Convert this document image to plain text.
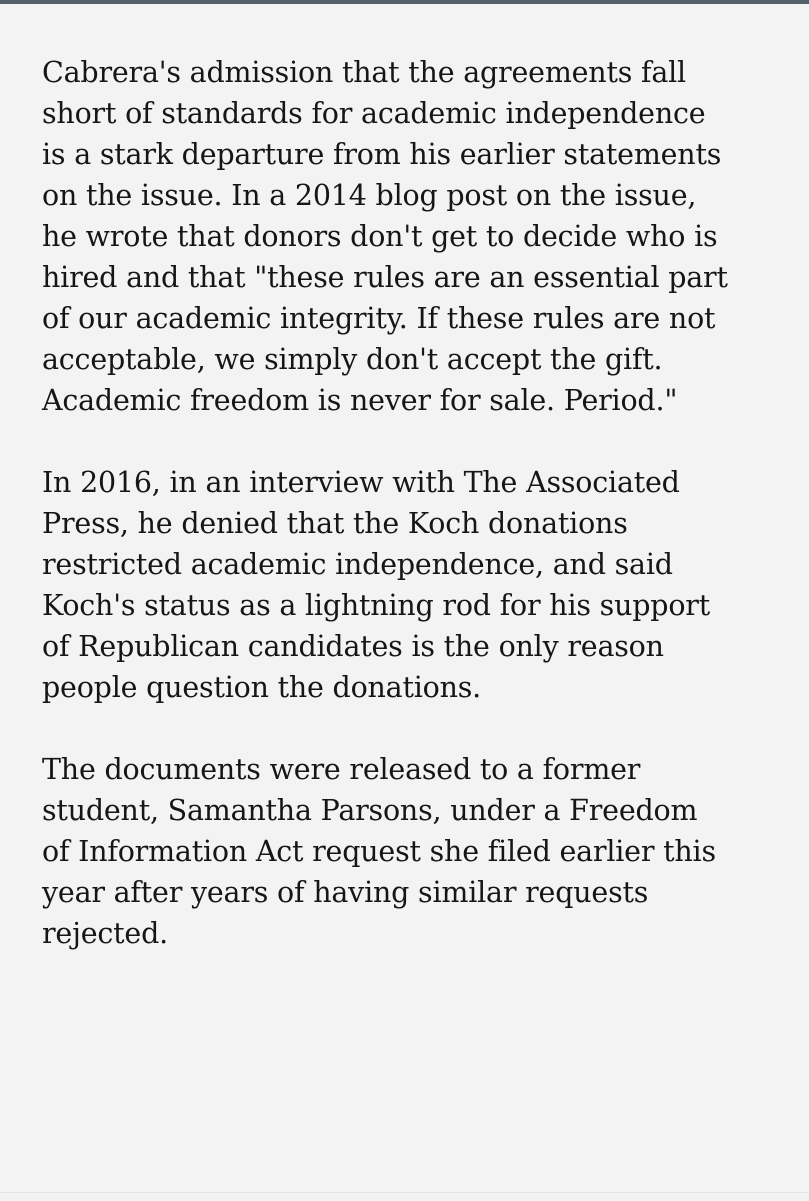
Cabrera's admission that the agreements fall
short of standards for academic independence
is a stark departure from his earlier statements
on the issue. In a 2014 blog post on the issue,
he wrote that donors don't get to decide who is
hired and that "these rules are an essential part
of our academic integrity. If these rules are not
acceptable, we simply don't accept the gift.
Academic freedom is never for sale. Period."

In 2016, in an interview with The Associated
Press, he denied that the Koch donations
restricted academic independence, and said
Koch's status as a lightning rod for his support
of Republican candidates is the only reason
people question the donations.

The documents were released to a former
student, Samantha Parsons, under a Freedom
of Information Act request she filed earlier this
year after years of having similar requests
rejected.
